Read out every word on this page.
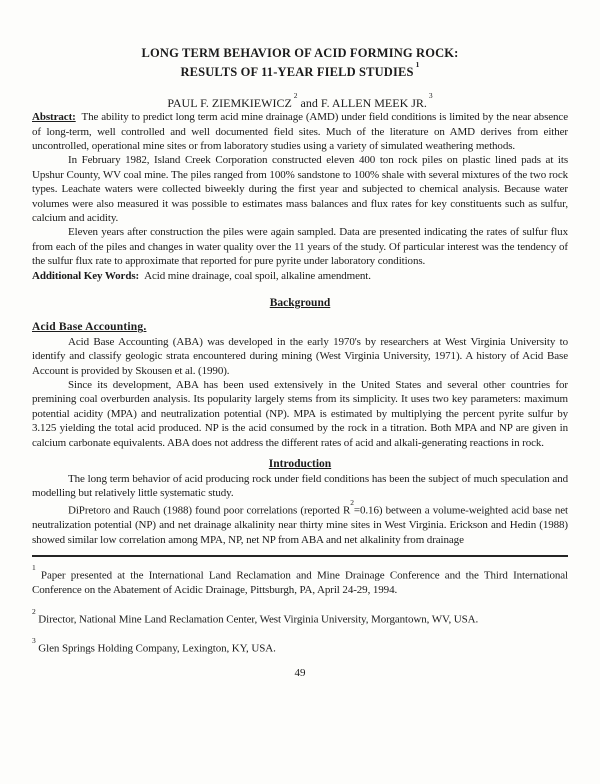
LONG TERM BEHAVIOR OF ACID FORMING ROCK:
RESULTS OF 11-YEAR FIELD STUDIES$^1$
PAUL F. ZIEMKIEWICZ$^2$ and F. ALLEN MEEK JR.$^3$

Abstract: The ability to predict long term acid mine drainage (AMD) under field conditions is limited by the near absence of long-term, well controlled and well documented field sites. Much of the literature on AMD derives from either uncontrolled, operational mine sites or from laboratory studies using a variety of simulated weathering methods.

In February 1982, Island Creek Corporation constructed eleven 400 ton rock piles on plastic lined pads at its Upshur County, WV coal mine. The piles ranged from 100% sandstone to 100% shale with several mixtures of the two rock types. Leachate waters were collected biweekly during the first year and subjected to chemical analysis. Because water volumes were also measured it was possible to estimates mass balances and flux rates for key constituents such as sulfur, calcium and acidity.

Eleven years after construction the piles were again sampled. Data are presented indicating the rates of sulfur flux from each of the piles and changes in water quality over the 11 years of the study. Of particular interest was the tendency of the sulfur flux rate to approximate that reported for pure pyrite under laboratory conditions.

Additional Key Words: Acid mine drainage, coal spoil, alkaline amendment.

Background

Acid Base Accounting.

Acid Base Accounting (ABA) was developed in the early 1970's by researchers at West Virginia University to identify and classify geologic strata encountered during mining (West Virginia University, 1971). A history of Acid Base Account is provided by Skousen et al. (1990).

Since its development, ABA has been used extensively in the United States and several other countries for premining coal overburden analysis. Its popularity largely stems from its simplicity. It uses two key parameters: maximum potential acidity (MPA) and neutralization potential (NP). MPA is estimated by multiplying the percent pyrite sulfur by 3.125 yielding the total acid produced. NP is the acid consumed by the rock in a titration. Both MPA and NP are given in calcium carbonate equivalents. ABA does not address the different rates of acid and alkali-generating reactions in rock.

Introduction

The long term behavior of acid producing rock under field conditions has been the subject of much speculation and modelling but relatively little systematic study.

DiPretoro and Rauch (1988) found poor correlations (reported $R^2=0.16$) between a volume-weighted acid base net neutralization potential (NP) and net drainage alkalinity near thirty mine sites in West Virginia. Erickson and Hedin (1988) showed similar low correlation among MPA, NP, net NP from ABA and net alkalinity from drainage

$^1$ Paper presented at the International Land Reclamation and Mine Drainage Conference and the Third International Conference on the Abatement of Acidic Drainage, Pittsburgh, PA, April 24-29, 1994.

$^2$ Director, National Mine Land Reclamation Center, West Virginia University, Morgantown, WV, USA.

$^3$ Glen Springs Holding Company, Lexington, KY, USA.

49
